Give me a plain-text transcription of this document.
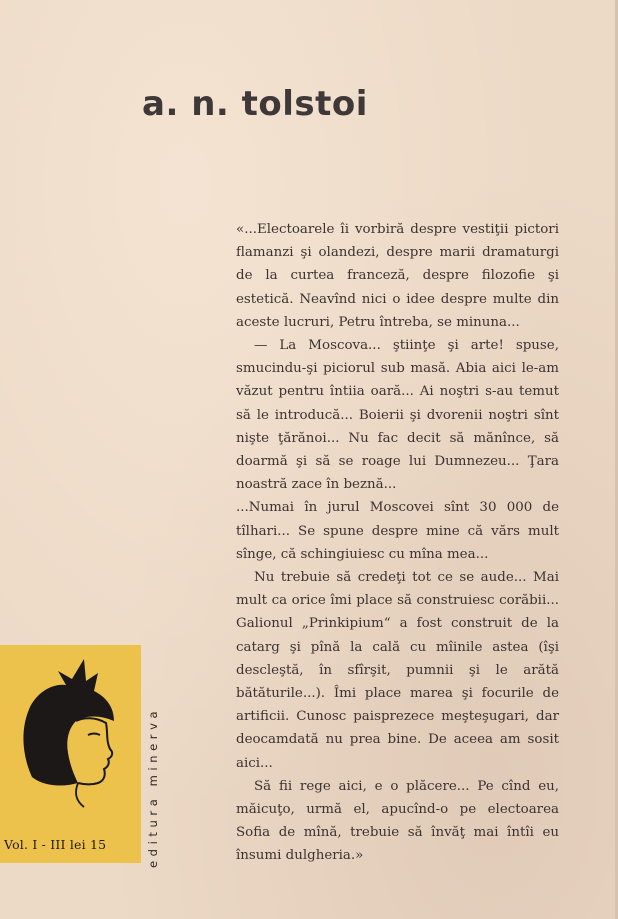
a. n. tolstoi

«...Electoarele îi vorbiră despre vestiţii pictori flamanzi şi olandezi, despre marii dramaturgi de la curtea franceză, despre filozofie şi estetică. Neavînd nici o idee despre multe din aceste lucruri, Petru întreba, se minuna...

— La Moscova... ştiinţe şi arte! spuse, smucindu-şi piciorul sub masă. Abia aici le-am văzut pentru întiia oară... Ai noştri s-au temut să le introducă... Boierii şi dvorenii noştri sînt nişte ţărănoi... Nu fac decit să mănînce, să doarmă şi să se roage lui Dumnezeu... Ţara noastră zace în beznă...

...Numai în jurul Moscovei sînt 30 000 de tîlhari... Se spune despre mine că vărs mult sînge, că schingiuiesc cu mîna mea...

Nu trebuie să credeţi tot ce se aude... Mai mult ca orice îmi place să construiesc corăbii... Galionul „Prinkipium“ a fost construit de la catarg şi pînă la cală cu mîinile astea (îşi descleştă, în sfîrşit, pumnii şi le arătă bătăturile...). Îmi place marea şi focurile de artificii. Cunosc paisprezece meşteşugari, dar deocamdată nu prea bine. De aceea am sosit aici...

Să fii rege aici, e o plăcere... Pe cînd eu, măicuţo, urmă el, apucînd-o pe electoarea Sofia de mînă, trebuie să învăţ mai întîi eu însumi dulgheria.»

Vol. I - III lei 15	editura minerva
